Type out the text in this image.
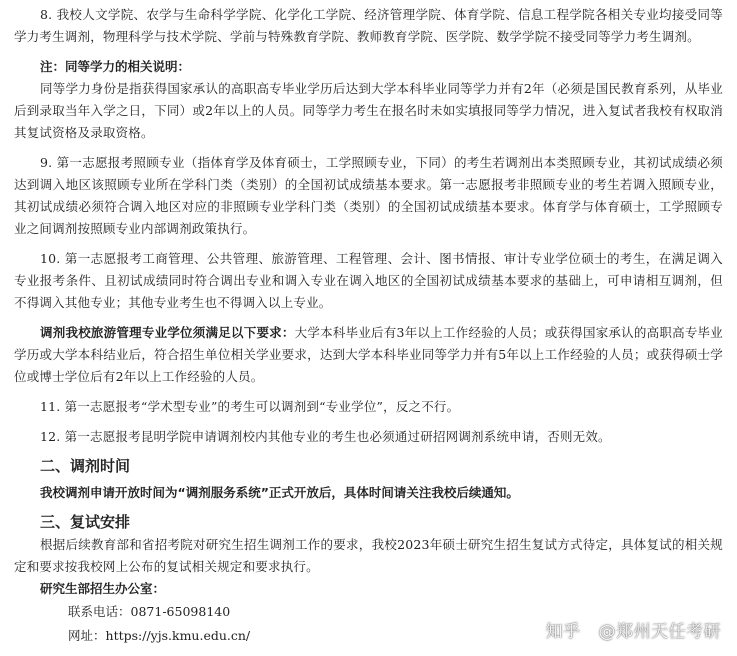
8. 我校人文学院、农学与生命科学学院、化学化工学院、经济管理学院、体育学院、信息工程学院各相关专业均接受同等学力考生调剂，物理科学与技术学院、学前与特殊教育学院、教师教育学院、医学院、数学学院不接受同等学力考生调剂。

注：同等学力的相关说明：

同等学力身份是指获得国家承认的高职高专毕业学历后达到大学本科毕业同等学力并有2年（必须是国民教育系列，从毕业后到录取当年入学之日，下同）或2年以上的人员。同等学力考生在报名时未如实填报同等学力情况，进入复试者我校有权取消其复试资格及录取资格。

9. 第一志愿报考照顾专业（指体育学及体育硕士，工学照顾专业，下同）的考生若调剂出本类照顾专业，其初试成绩必须达到调入地区该照顾专业所在学科门类（类别）的全国初试成绩基本要求。第一志愿报考非照顾专业的考生若调入照顾专业，其初试成绩必须符合调入地区对应的非照顾专业学科门类（类别）的全国初试成绩基本要求。体育学与体育硕士，工学照顾专业之间调剂按照顾专业内部调剂政策执行。

10. 第一志愿报考工商管理、公共管理、旅游管理、工程管理、会计、图书情报、审计专业学位硕士的考生，在满足调入专业报考条件、且初试成绩同时符合调出专业和调入专业在调入地区的全国初试成绩基本要求的基础上，可申请相互调剂，但不得调入其他专业；其他专业考生也不得调入以上专业。

调剂我校旅游管理专业学位须满足以下要求：大学本科毕业后有3年以上工作经验的人员；或获得国家承认的高职高专毕业学历或大学本科结业后，符合招生单位相关学业要求，达到大学本科毕业同等学力并有5年以上工作经验的人员；或获得硕士学位或博士学位后有2年以上工作经验的人员。

11. 第一志愿报考“学术型专业”的考生可以调剂到“专业学位”，反之不行。

12. 第一志愿报考昆明学院申请调剂校内其他专业的考生也必须通过研招网调剂系统申请，否则无效。

二、调剂时间
我校调剂申请开放时间为“调剂服务系统”正式开放后，具体时间请关注我校后续通知。
三、复试安排

根据后续教育部和省招考院对研究生招生调剂工作的要求，我校2023年硕士研究生招生复试方式待定，具体复试的相关规定和要求按我校网上公布的复试相关规定和要求执行。

研究生部招生办公室：
联系电话：0871-65098140
网址：https://yjs.kmu.edu.cn/	知乎 @郑州天任考研
